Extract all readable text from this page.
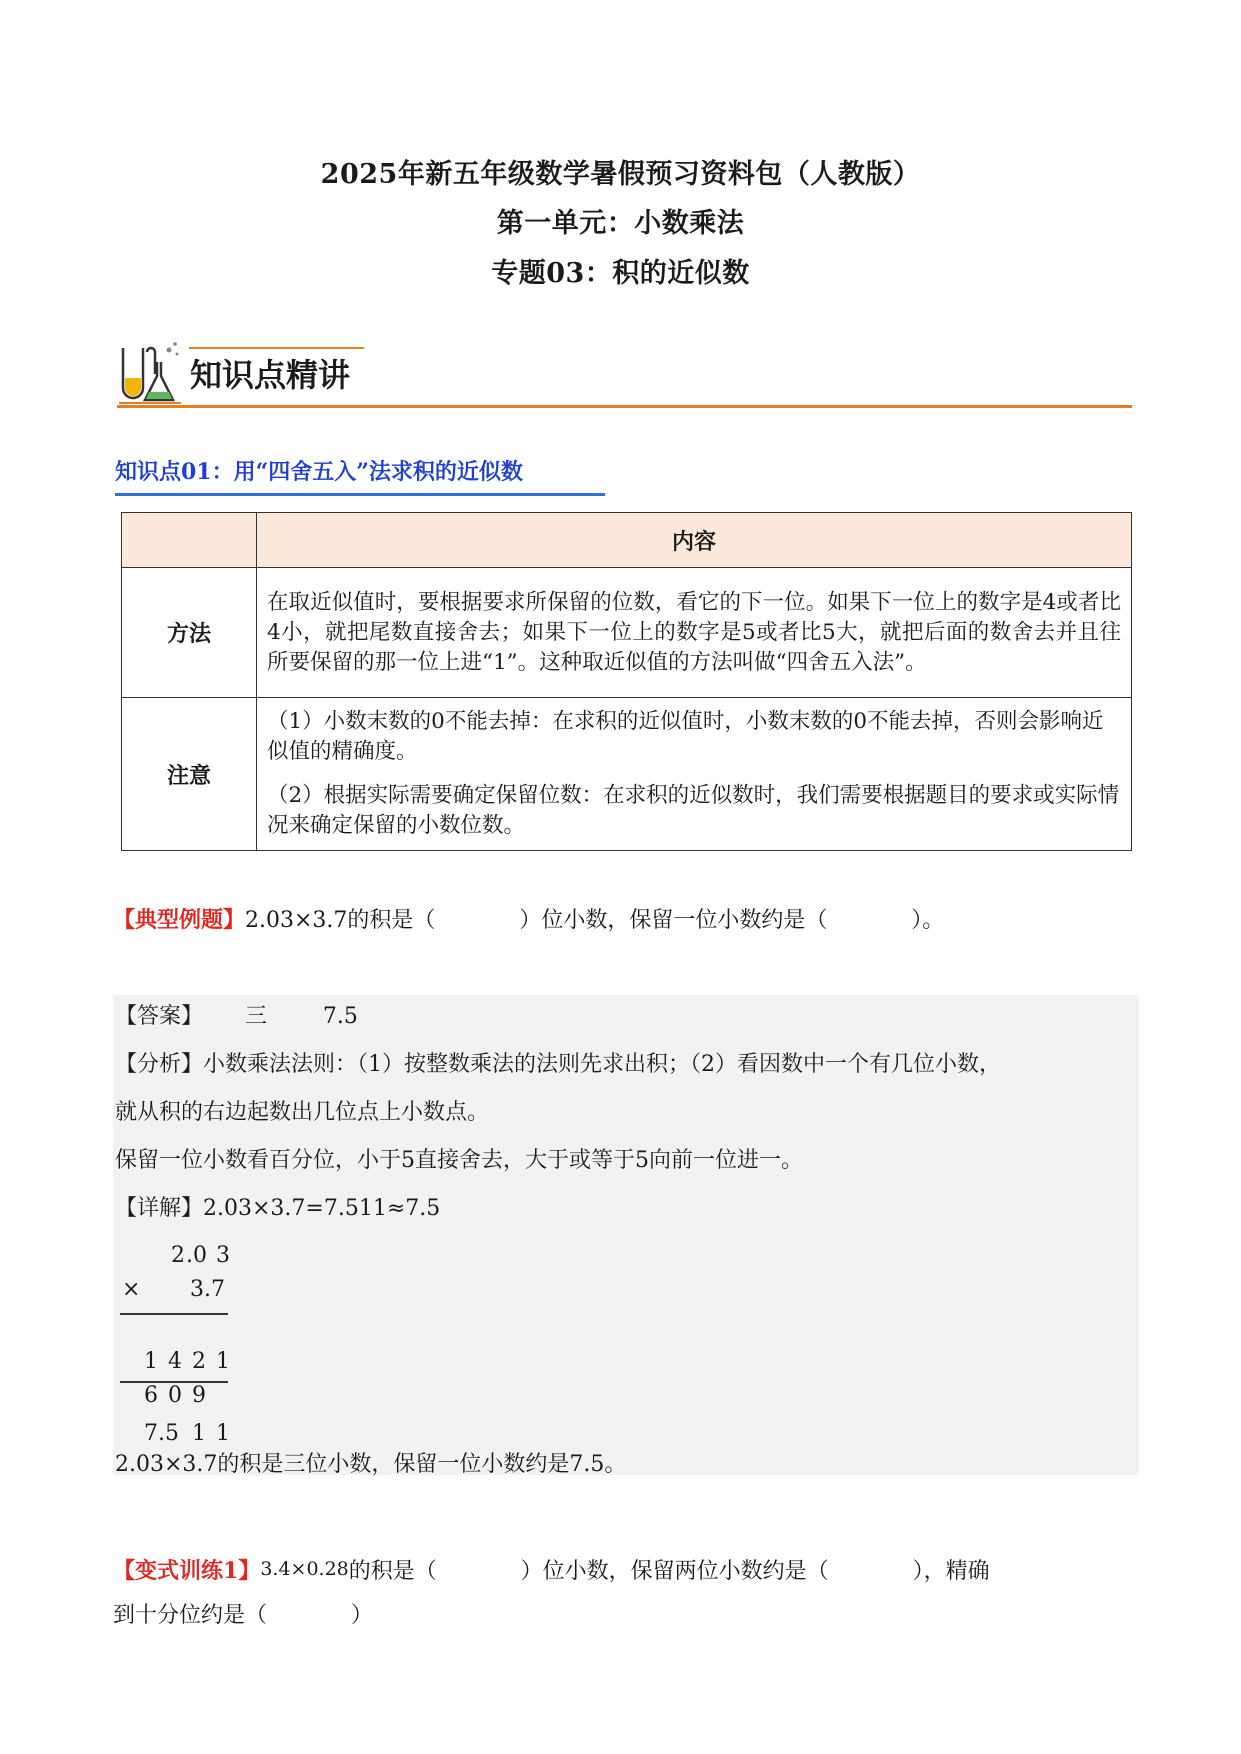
2025年新五年级数学暑假预习资料包（人教版）
第一单元：小数乘法
专题03：积的近似数
知识点精讲
知识点01：用“四舍五入”法求积的近似数
	内容
方法	在取近似值时，要根据要求所保留的位数，看它的下一位。如果下一位上的数字是4或者比4小，就把尾数直接舍去；如果下一位上的数字是5或者比5大，就把后面的数舍去并且往所要保留的那一位上进“1”。这种取近似值的方法叫做“四舍五入法”。
注意	（1）小数末数的0不能去掉：在求积的近似值时，小数末数的0不能去掉，否则会影响近似值的精确度。

（2）根据实际需要确定保留位数：在求积的近似数时，我们需要根据题目的要求或实际情况来确定保留的小数位数。

【典型例题】2.03×3.7的积是（            ）位小数，保留一位小数约是（            ）。
【答案】      三        7.5
【分析】小数乘法法则：（1）按整数乘法的法则先求出积；（2）看因数中一个有几位小数，
就从积的右边起数出几位点上小数点。
保留一位小数看百分位，小于5直接舍去，大于或等于5向前一位进一。
【详解】2.03×3.7=7.511≈7.5
2 .0 3
× 3 .7
1 4 2 1
6 0 9
7 .5 1 1
2.03×3.7的积是三位小数，保留一位小数约是7.5。
【变式训练1】3.4×0.28的积是（            ）位小数，保留两位小数约是（            ），精确
到十分位约是（            ）
